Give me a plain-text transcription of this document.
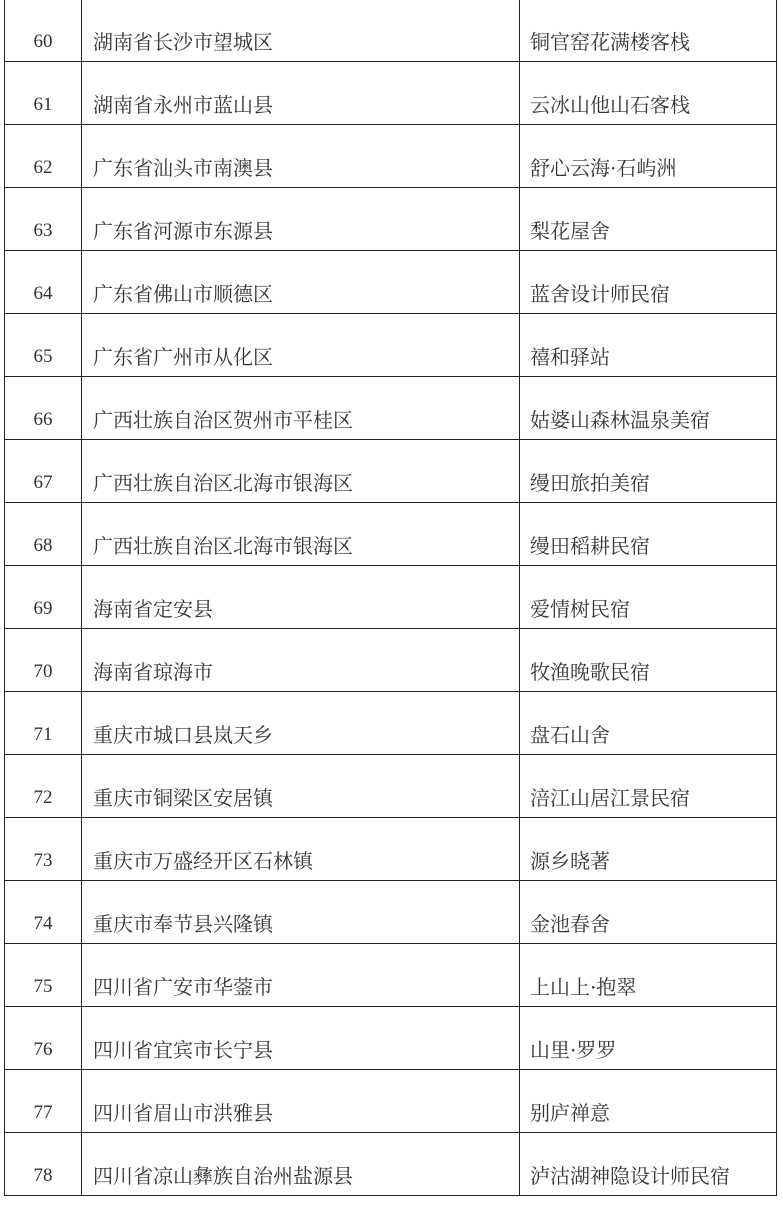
60	湖南省长沙市望城区	铜官窑花满楼客栈

61	湖南省永州市蓝山县	云冰山他山石客栈

62	广东省汕头市南澳县	舒心云海·石屿洲

63	广东省河源市东源县	梨花屋舍

64	广东省佛山市顺德区	蓝舍设计师民宿

65	广东省广州市从化区	禧和驿站

66	广西壮族自治区贺州市平桂区	姑婆山森林温泉美宿

67	广西壮族自治区北海市银海区	缦田旅拍美宿

68	广西壮族自治区北海市银海区	缦田稻耕民宿

69	海南省定安县	爱情树民宿

70	海南省琼海市	牧渔晚歌民宿

71	重庆市城口县岚天乡	盘石山舍

72	重庆市铜梁区安居镇	涪江山居江景民宿

73	重庆市万盛经开区石林镇	源乡晓著

74	重庆市奉节县兴隆镇	金池春舍

75	四川省广安市华蓥市	上山上·抱翠

76	四川省宜宾市长宁县	山里·罗罗

77	四川省眉山市洪雅县	别庐禅意

78	四川省凉山彝族自治州盐源县	泸沽湖神隐设计师民宿
